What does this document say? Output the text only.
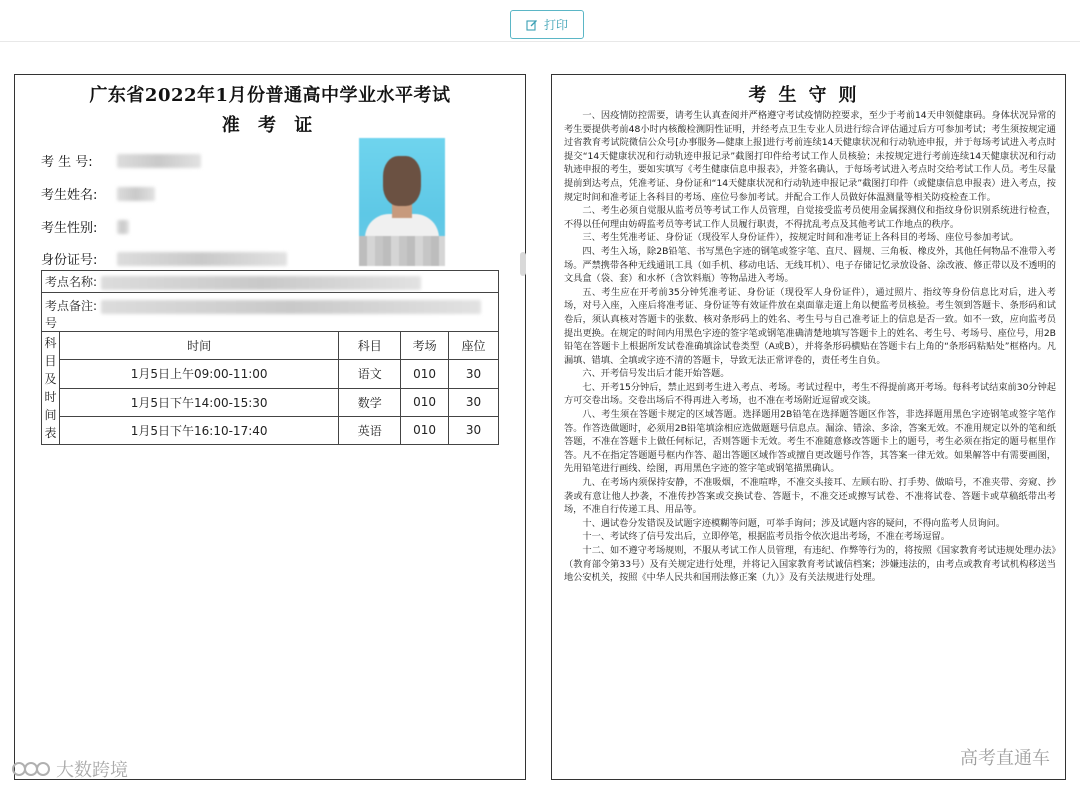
打印
广东省2022年1月份普通高中学业水平考试
准 考 证
考 生 号:
考生姓名:
考生性别:
身份证号:
考点名称:				
考点备注:
号				

科目及时间表	时间	科目	考场	座位
	1月5日上午09:00-11:00	语文	010	30
	1月5日下午14:00-15:30	数学	010	30
	1月5日下午16:10-17:40	英语	010	30
考生守则

一、因疫情防控需要，请考生认真查阅并严格遵守考试疫情防控要求，至少于考前14天申领健康码。身体状况异常的考生要提供考前48小时内核酸检测阴性证明，并经考点卫生专业人员进行综合评估通过后方可参加考试；考生须按规定通过省教育考试院微信公众号[办事服务—健康上报]进行考前连续14天健康状况和行动轨迹申报，并于每场考试进入考点时提交“14天健康状况和行动轨迹申报记录”截图打印件给考试工作人员核验；未按规定进行考前连续14天健康状况和行动轨迹申报的考生，要如实填写《考生健康信息申报表》，并签名确认，于每场考试进入考点时交给考试工作人员。考生尽量提前到达考点，凭准考证、身份证和“14天健康状况和行动轨迹申报记录”截图打印件（或健康信息申报表）进入考点，按规定时间和准考证上各科目的考场、座位号参加考试。并配合工作人员做好体温测量等相关防疫检查工作。

二、考生必须自觉服从监考员等考试工作人员管理，自觉接受监考员使用金属探测仪和指纹身份识别系统进行检查，不得以任何理由妨碍监考员等考试工作人员履行职责，不得扰乱考点及其他考试工作地点的秩序。

三、考生凭准考证、身份证（现役军人身份证件），按规定时间和准考证上各科目的考场、座位号参加考试。

四、考生入场，除2B铅笔、书写黑色字迹的钢笔或签字笔、直尺、圆规、三角板、橡皮外，其他任何物品不准带入考场。严禁携带各种无线通讯工具（如手机、移动电话、无线耳机）、电子存储记忆录放设备、涂改液、修正带以及不透明的文具盒（袋、套）和水杯（含饮料瓶）等物品进入考场。

五、考生应在开考前35分钟凭准考证、身份证（现役军人身份证件），通过照片、指纹等身份信息比对后，进入考场，对号入座，入座后将准考证、身份证等有效证件放在桌面靠走道上角以便监考员核验。考生领到答题卡、条形码和试卷后，须认真核对答题卡的张数、核对条形码上的姓名、考生号与自己准考证上的信息是否一致。如不一致，应向监考员提出更换。在规定的时间内用黑色字迹的签字笔或钢笔准确清楚地填写答题卡上的姓名、考生号、考场号、座位号，用2B铅笔在答题卡上根据所发试卷准确填涂试卷类型（A或B），并将条形码横贴在答题卡右上角的“条形码粘贴处”框格内。凡漏填、错填、全填或字迹不清的答题卡，导致无法正常评卷的，责任考生自负。

六、开考信号发出后才能开始答题。

七、开考15分钟后，禁止迟到考生进入考点、考场。考试过程中，考生不得提前离开考场。每科考试结束前30分钟起方可交卷出场。交卷出场后不得再进入考场，也不准在考场附近逗留或交谈。

八、考生须在答题卡规定的区域答题。选择题用2B铅笔在选择题答题区作答，非选择题用黑色字迹钢笔或签字笔作答。作答选做题时，必须用2B铅笔填涂相应选做题题号信息点。漏涂、错涂、多涂，答案无效。不准用规定以外的笔和纸答题，不准在答题卡上做任何标记，否则答题卡无效。考生不准随意修改答题卡上的题号，考生必须在指定的题号框里作答。凡不在指定答题题号框内作答、超出答题区域作答或擅自更改题号作答，其答案一律无效。如果解答中有需要画图，先用铅笔进行画线、绘图，再用黑色字迹的签字笔或钢笔描黑确认。

九、在考场内须保持安静，不准吸烟，不准喧哗，不准交头接耳、左顾右盼、打手势、做暗号，不准夹带、旁窥、抄袭或有意让他人抄袭，不准传抄答案或交换试卷、答题卡，不准交还或擦写试卷、不准将试卷、答题卡或草稿纸带出考场，不准自行传递工具、用品等。

十、遇试卷分发错误及试题字迹模糊等问题，可举手询问；涉及试题内容的疑问，不得向监考人员询问。

十一、考试终了信号发出后，立即停笔，根据监考员指令依次退出考场，不准在考场逗留。

十二、如不遵守考场规则，不服从考试工作人员管理，有违纪、作弊等行为的，将按照《国家教育考试违规处理办法》（教育部令第33号）及有关规定进行处理，并将记入国家教育考试诚信档案；涉嫌违法的，由考点或教育考试机构移送当地公安机关，按照《中华人民共和国刑法修正案（九）》及有关法规进行处理。

大数跨境
高考直通车
